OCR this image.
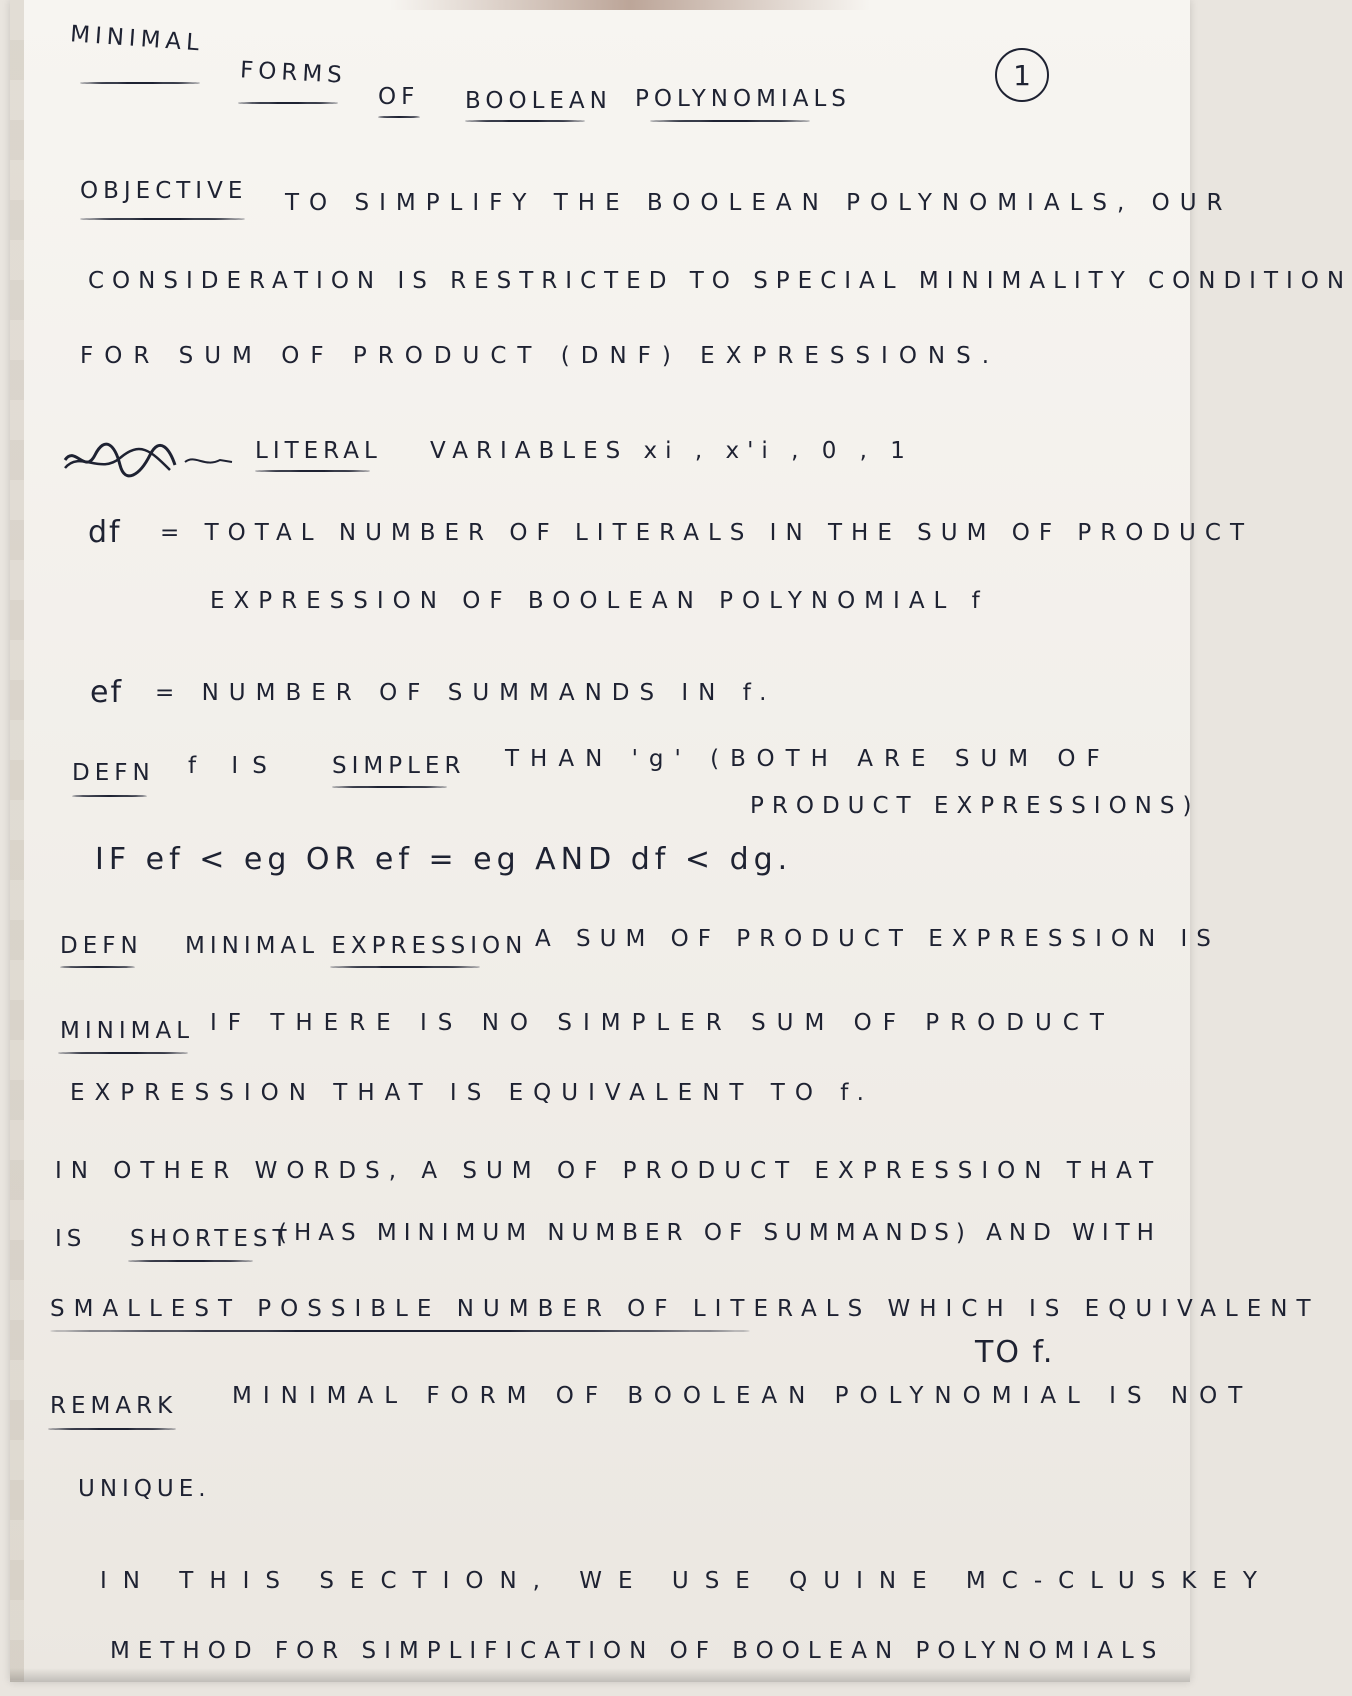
MINIMAL
FORMS
OF BOOLEAN POLYNOMIALS
1
OBJECTIVE TO SIMPLIFY THE BOOLEAN POLYNOMIALS, OUR
CONSIDERATION IS RESTRICTED TO SPECIAL MINIMALITY CONDITION
FOR SUM OF PRODUCT (DNF) EXPRESSIONS.
LITERAL VARIABLES xi , x'i , 0 , 1
df = TOTAL NUMBER OF LITERALS IN THE SUM OF PRODUCT
EXPRESSION OF BOOLEAN POLYNOMIAL f
ef = NUMBER OF SUMMANDS IN f.
DEFN f IS SIMPLER THAN 'g' (BOTH ARE SUM OF
PRODUCT EXPRESSIONS)
IF ef < eg OR ef = eg AND df < dg.
DEFN MINIMAL EXPRESSION A SUM OF PRODUCT EXPRESSION IS
MINIMAL IF THERE IS NO SIMPLER SUM OF PRODUCT
EXPRESSION THAT IS EQUIVALENT TO f.
IN OTHER WORDS, A SUM OF PRODUCT EXPRESSION THAT
IS SHORTEST
(HAS MINIMUM NUMBER OF SUMMANDS) AND WITH
SMALLEST POSSIBLE NUMBER OF LITERALS WHICH IS EQUIVALENT
TO f.
REMARK MINIMAL FORM OF BOOLEAN POLYNOMIAL IS NOT
UNIQUE.
IN THIS SECTION, WE USE QUINE MC-CLUSKEY
METHOD FOR SIMPLIFICATION OF BOOLEAN POLYNOMIALS
